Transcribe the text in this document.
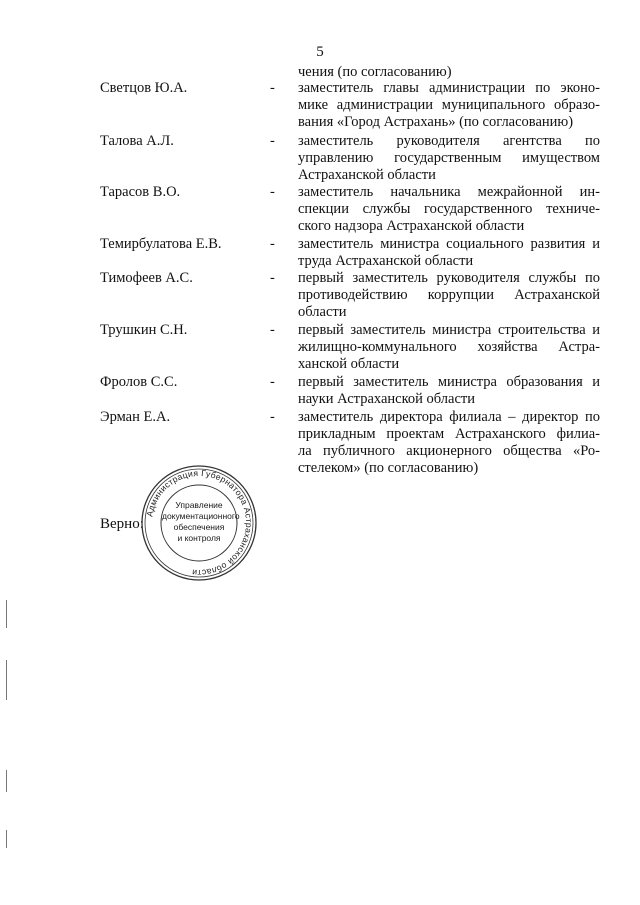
5
чения (по согласованию)
Светцов Ю.А.	- заместитель главы администрации по эконо-
мике администрации муниципального образо-
вания «Город Астрахань» (по согласованию)
Талова А.Л.	- заместитель руководителя агентства по
управлению государственным имуществом
Астраханской области
Тарасов В.О.	- заместитель начальника межрайонной ин-
спекции службы государственного техниче-
ского надзора Астраханской области
Темирбулатова Е.В.	- заместитель министра социального развития и
труда Астраханской области
Тимофеев А.С.	- первый заместитель руководителя службы по
противодействию коррупции Астраханской
области
Трушкин С.Н.	- первый заместитель министра строительства и
жилищно-коммунального хозяйства Астра-
ханской области
Фролов С.С.	- первый заместитель министра образования и
науки Астраханской области
Эрман Е.А.	- заместитель директора филиала – директор по
прикладным проектам Астраханского филиа-
ла публичного акционерного общества «Ро-
стелеком» (по согласованию)
Верно:
Администрация Губернатора Астраханской области
Управление
документационного
обеспечения
и контроля
